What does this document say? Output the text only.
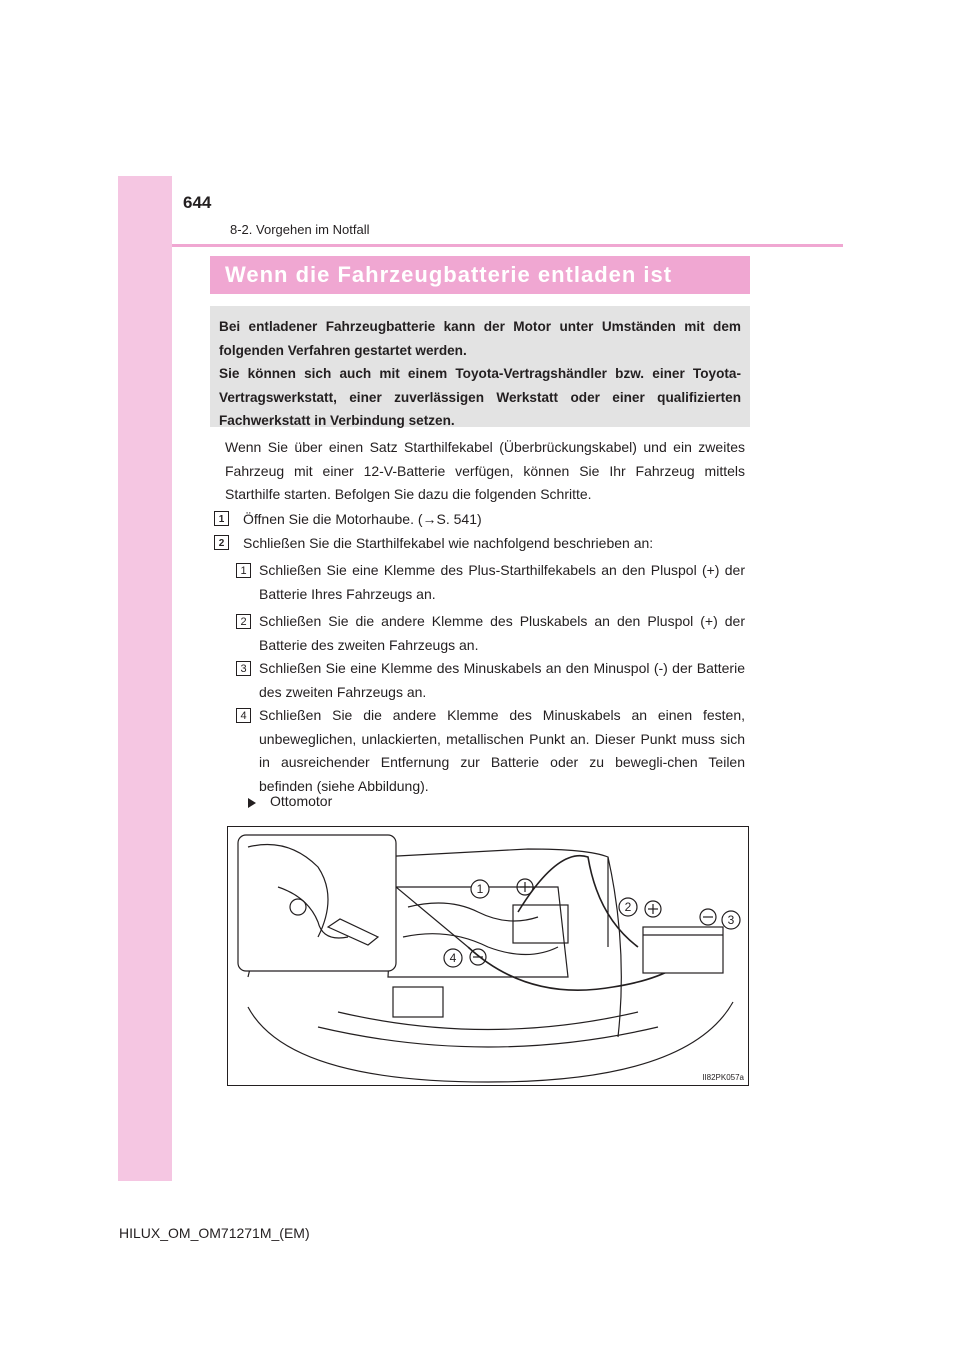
644
8-2. Vorgehen im Notfall
Wenn die Fahrzeugbatterie entladen ist
Bei entladener Fahrzeugbatterie kann der Motor unter Umständen mit dem folgenden Verfahren gestartet werden.
Sie können sich auch mit einem Toyota-Vertragshändler bzw. einer Toyota-Vertragswerkstatt, einer zuverlässigen Werkstatt oder einer qualifizierten Fachwerkstatt in Verbindung setzen.
Wenn Sie über einen Satz Starthilfekabel (Überbrückungskabel) und ein zweites Fahrzeug mit einer 12-V-Batterie verfügen, können Sie Ihr Fahrzeug mittels Starthilfe starten. Befolgen Sie dazu die folgenden Schritte.
1	Öffnen Sie die Motorhaube. (→S. 541)
2	Schließen Sie die Starthilfekabel wie nachfolgend beschrieben an:
1 Schließen Sie eine Klemme des Plus-Starthilfekabels an den Pluspol (+) der Batterie Ihres Fahrzeugs an.
2 Schließen Sie die andere Klemme des Pluskabels an den Pluspol (+) der Batterie des zweiten Fahrzeugs an.
3 Schließen Sie eine Klemme des Minuskabels an den Minuspol (-) der Batterie des zweiten Fahrzeugs an.
4 Schließen Sie die andere Klemme des Minuskabels an einen festen, unbeweglichen, unlackierten, metallischen Punkt an. Dieser Punkt muss sich in ausreichender Entfernung zur Batterie oder zu bewegli-chen Teilen befinden (siehe Abbildung).
Ottomotor
1
2
3
4
II82PK057a
HILUX_OM_OM71271M_(EM)
